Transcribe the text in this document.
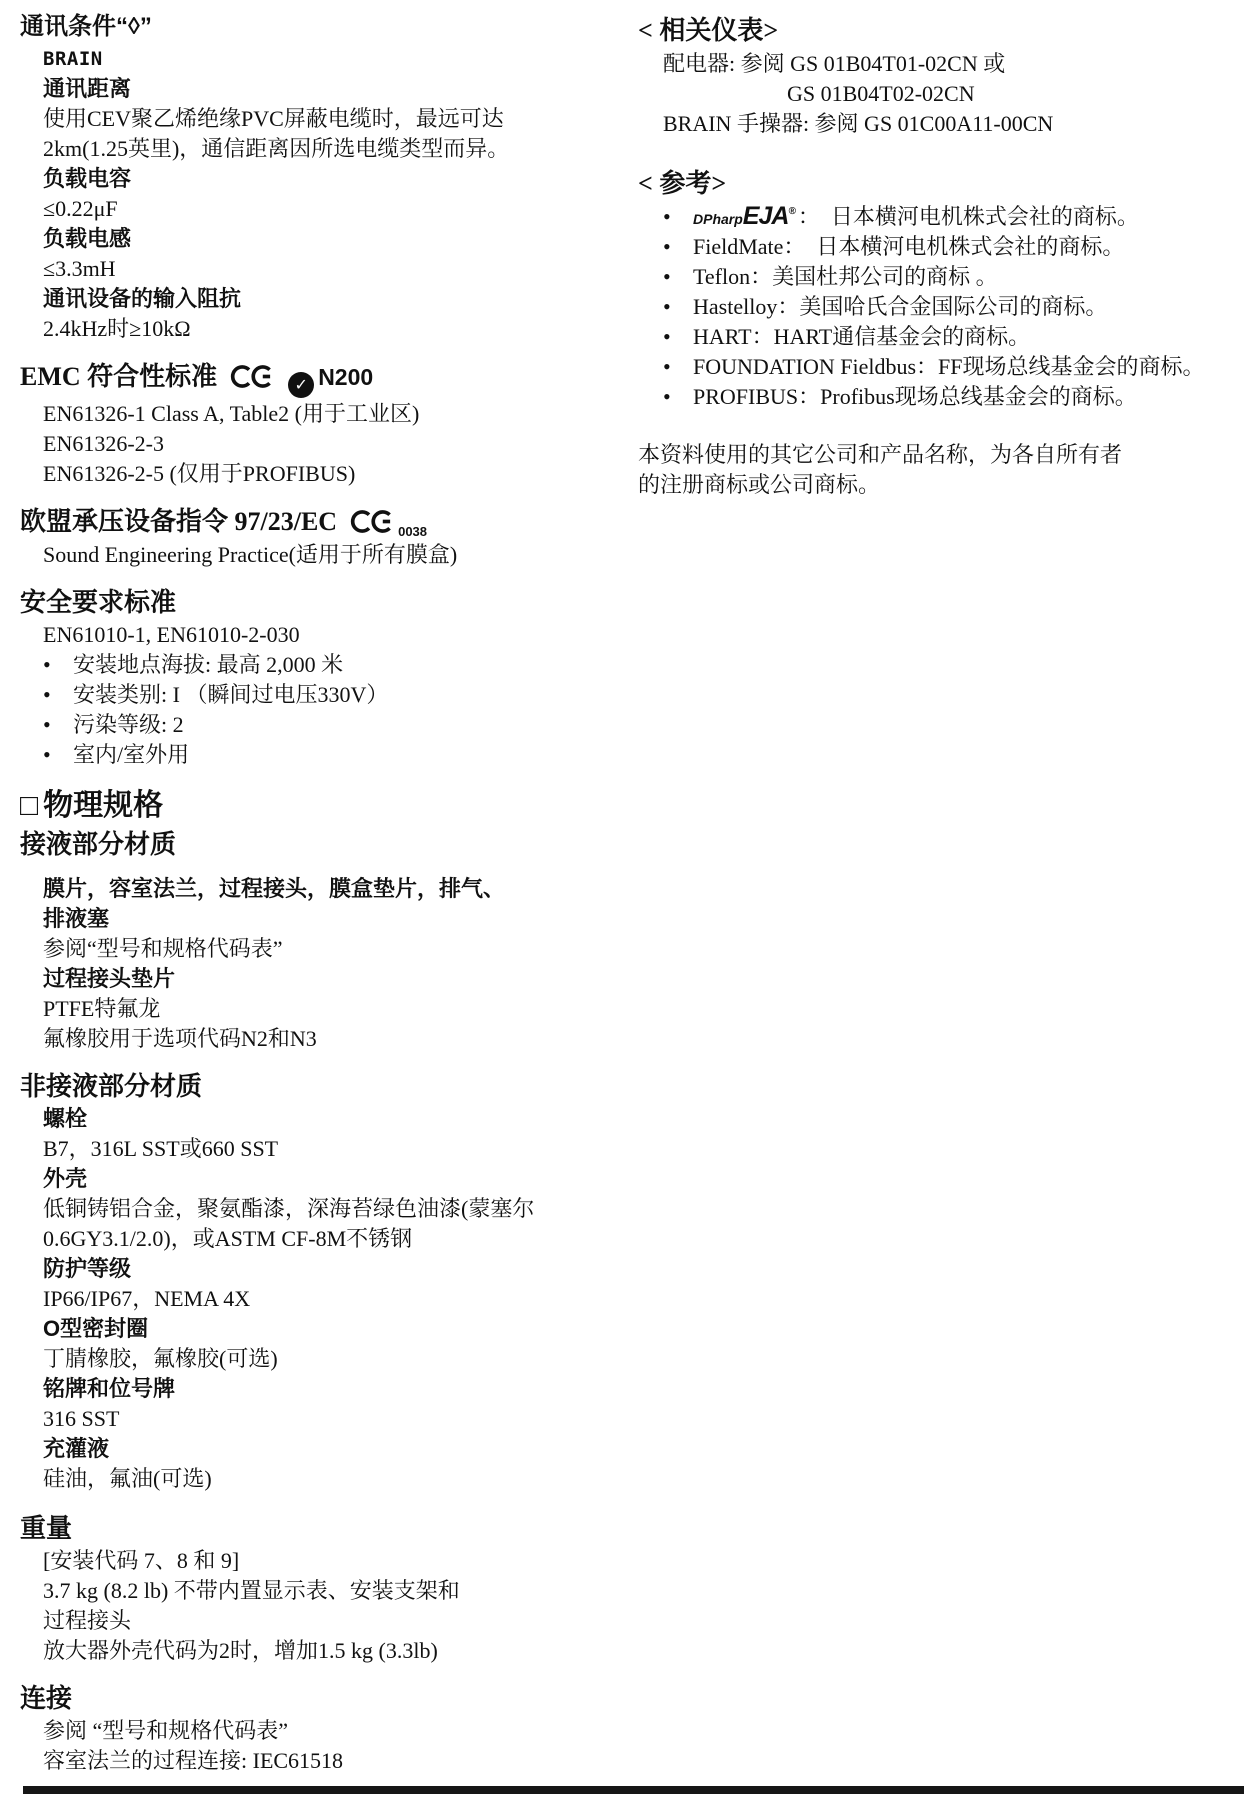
通讯条件“◊”
BRAIN
通讯距离
使用CEV聚乙烯绝缘PVC屏蔽电缆时，最远可达
2km(1.25英里)，通信距离因所选电缆类型而异。
负载电容
≤0.22μF
负载电感
≤3.3mH
通讯设备的输入阻抗
2.4kHz时≥10kΩ
EMC 符合性标准	✓ N200
EN61326-1 Class A, Table2 (用于工业区)
EN61326-2-3
EN61326-2-5 (仅用于PROFIBUS)
欧盟承压设备指令 97/23/EC	$_{0038}$
Sound Engineering Practice(适用于所有膜盒)
安全要求标准
EN61010-1, EN61010-2-030
• 安装地点海拔: 最高 2,000 米
• 安装类别: I （瞬间过电压330V）
• 污染等级: 2
• 室内/室外用
□ 物理规格
接液部分材质
膜片，容室法兰，过程接头，膜盒垫片，排气、
排液塞
参阅“型号和规格代码表”
过程接头垫片
PTFE特氟龙
氟橡胶用于选项代码N2和N3
非接液部分材质
螺栓
B7，316L SST或660 SST
外壳
低铜铸铝合金，聚氨酯漆，深海苔绿色油漆(蒙塞尔
0.6GY3.1/2.0)，或ASTM CF-8M不锈钢
防护等级
IP66/IP67，NEMA 4X
O型密封圈
丁腈橡胶，氟橡胶(可选)
铭牌和位号牌
316 SST
充灌液
硅油，氟油(可选)
重量
[安装代码 7、8 和 9]
3.7 kg (8.2 lb) 不带内置显示表、安装支架和
过程接头
放大器外壳代码为2时，增加1.5 kg (3.3lb)
连接
参阅 “型号和规格代码表”
容室法兰的过程连接: IEC61518
< 相关仪表>
配电器: 参阅 GS 01B04T01-02CN 或
GS 01B04T02-02CN
BRAIN 手操器: 参阅 GS 01C00A11-00CN
< 参考>
• DPharpEJA®：　日本横河电机株式会社的商标。
• FieldMate：　日本横河电机株式会社的商标。
• Teflon：美国杜邦公司的商标 。
• Hastelloy：美国哈氏合金国际公司的商标。
• HART：HART通信基金会的商标。
• FOUNDATION Fieldbus：FF现场总线基金会的商标。
• PROFIBUS：Profibus现场总线基金会的商标。
本资料使用的其它公司和产品名称，为各自所有者
的注册商标或公司商标。
